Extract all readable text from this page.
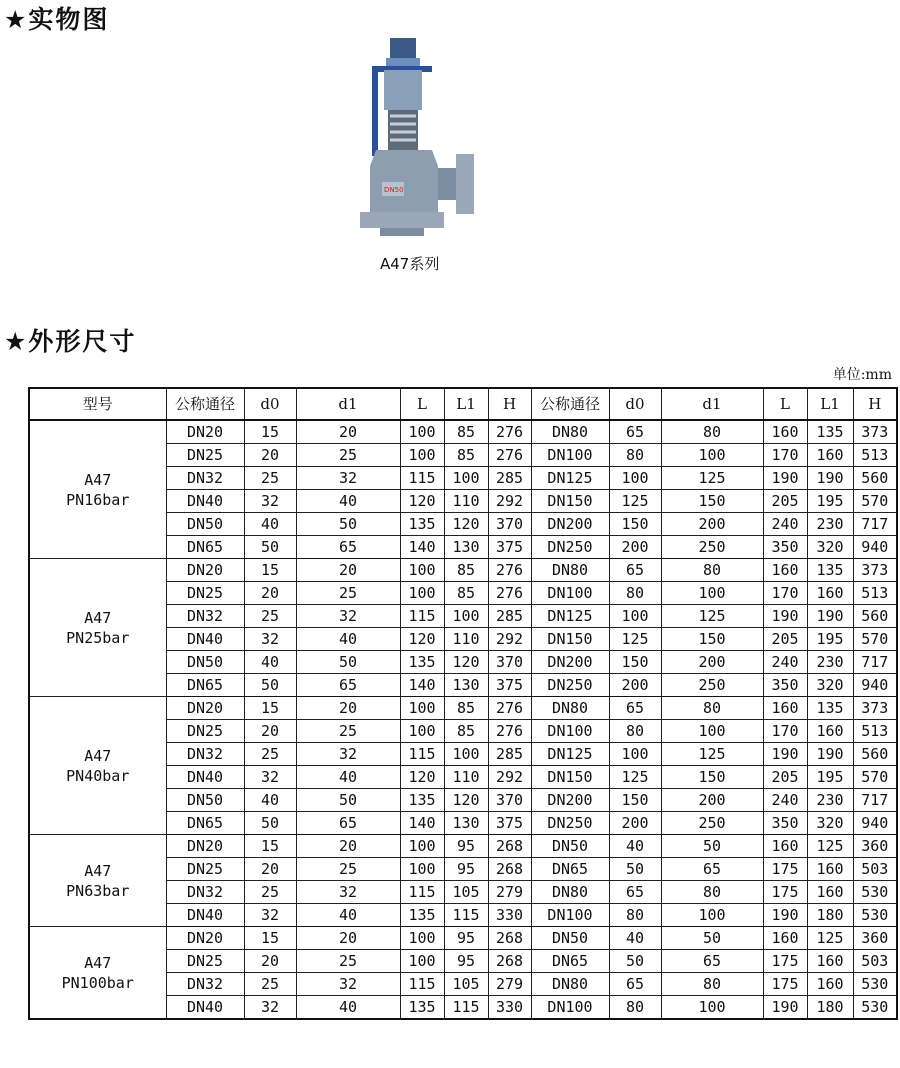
★实物图
DN50
A47系列
★外形尺寸
单位:mm
型号	公称通径	d0	d1	L	L1	H	公称通径	d0	d1	L	L1	H

A47
PN16bar	DN20	15	20	100	85	276	DN80	65	80	160	135	373
	DN25	20	25	100	85	276	DN100	80	100	170	160	513
	DN32	25	32	115	100	285	DN125	100	125	190	190	560
	DN40	32	40	120	110	292	DN150	125	150	205	195	570
	DN50	40	50	135	120	370	DN200	150	200	240	230	717
	DN65	50	65	140	130	375	DN250	200	250	350	320	940

A47
PN25bar	DN20	15	20	100	85	276	DN80	65	80	160	135	373
	DN25	20	25	100	85	276	DN100	80	100	170	160	513
	DN32	25	32	115	100	285	DN125	100	125	190	190	560
	DN40	32	40	120	110	292	DN150	125	150	205	195	570
	DN50	40	50	135	120	370	DN200	150	200	240	230	717
	DN65	50	65	140	130	375	DN250	200	250	350	320	940

A47
PN40bar	DN20	15	20	100	85	276	DN80	65	80	160	135	373
	DN25	20	25	100	85	276	DN100	80	100	170	160	513
	DN32	25	32	115	100	285	DN125	100	125	190	190	560
	DN40	32	40	120	110	292	DN150	125	150	205	195	570
	DN50	40	50	135	120	370	DN200	150	200	240	230	717
	DN65	50	65	140	130	375	DN250	200	250	350	320	940

A47
PN63bar	DN20	15	20	100	95	268	DN50	40	50	160	125	360
	DN25	20	25	100	95	268	DN65	50	65	175	160	503
	DN32	25	32	115	105	279	DN80	65	80	175	160	530
	DN40	32	40	135	115	330	DN100	80	100	190	180	530

A47
PN100bar	DN20	15	20	100	95	268	DN50	40	50	160	125	360
	DN25	20	25	100	95	268	DN65	50	65	175	160	503
	DN32	25	32	115	105	279	DN80	65	80	175	160	530
	DN40	32	40	135	115	330	DN100	80	100	190	180	530
